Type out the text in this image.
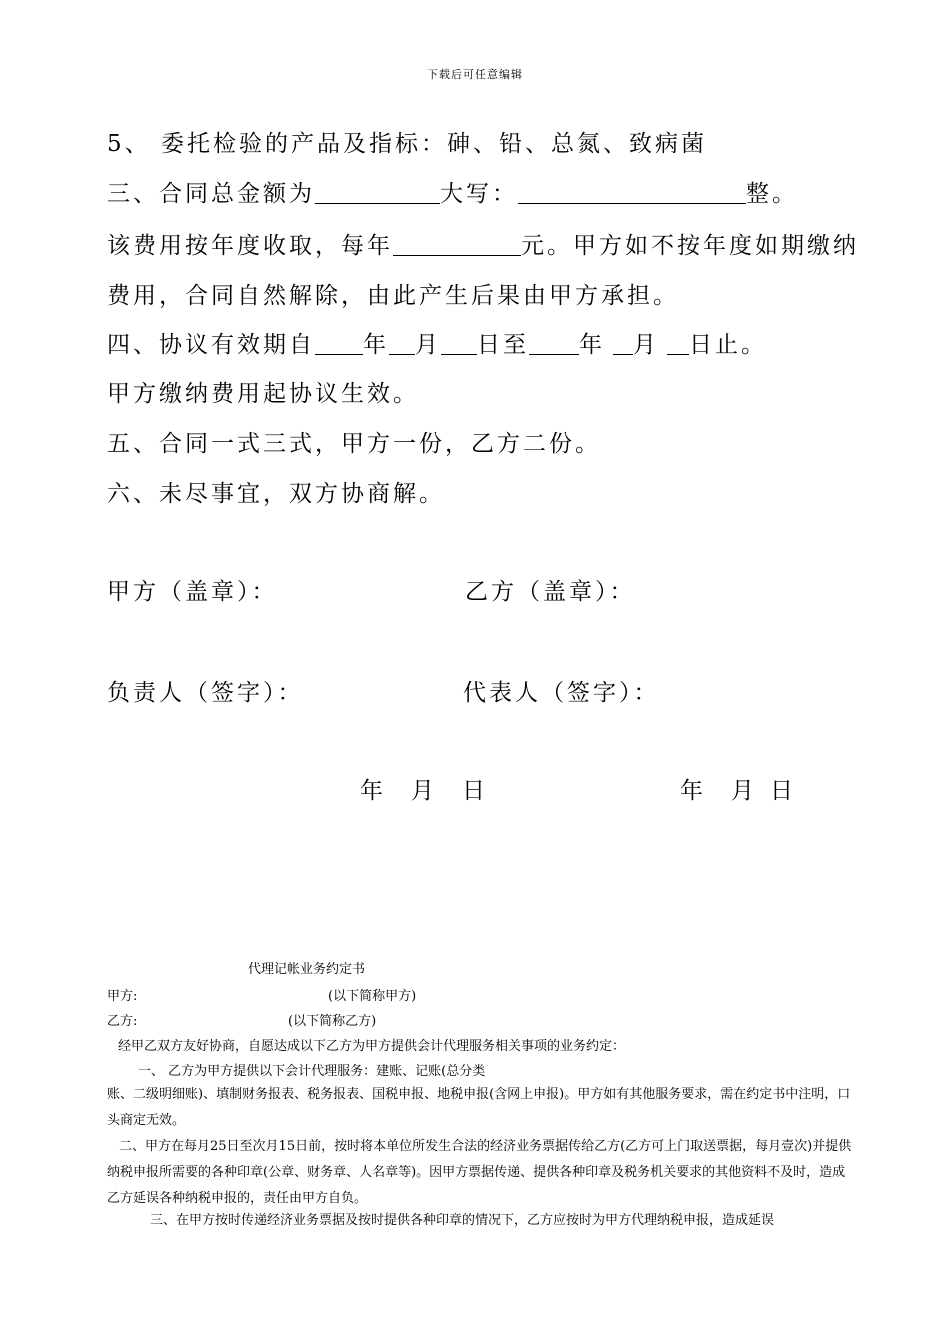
下载后可任意编辑
5、 委托检验的产品及指标：砷、铅、总氮、致病菌
三、合同总金额为	大写：	整。
该费用按年度收取，每年	元。甲方如不按年度如期缴纳
费用，合同自然解除，由此产生后果由甲方承担。
四、协议有效期自 年 月 日至 年 月 日止。
甲方缴纳费用起协议生效。
五、合同一式三式，甲方一份，乙方二份。
六、未尽事宜，双方协商解。
甲方（盖章）：	乙方（盖章）：
负责人（签字）：	代表人（签字）：
年 月 日	年 月 日
代理记帐业务约定书
甲方:	(以下简称甲方)
乙方:	(以下简称乙方)
经甲乙双方友好协商，自愿达成以下乙方为甲方提供会计代理服务相关事项的业务约定：
一、 乙方为甲方提供以下会计代理服务：建账、记账(总分类

账、二级明细账)、填制财务报表、税务报表、国税申报、地税申报(含网上申报)。甲方如有其他服务要求，需在约定书中注明，口头商定无效。

二、甲方在每月25日至次月15日前，按时将本单位所发生合法的经济业务票据传给乙方(乙方可上门取送票据，每月壹次)并提供纳税申报所需要的各种印章(公章、财务章、人名章等)。因甲方票据传递、提供各种印章及税务机关要求的其他资料不及时，造成乙方延误各种纳税申报的，责任由甲方自负。

三、在甲方按时传递经济业务票据及按时提供各种印章的情况下，乙方应按时为甲方代理纳税申报，造成延误
